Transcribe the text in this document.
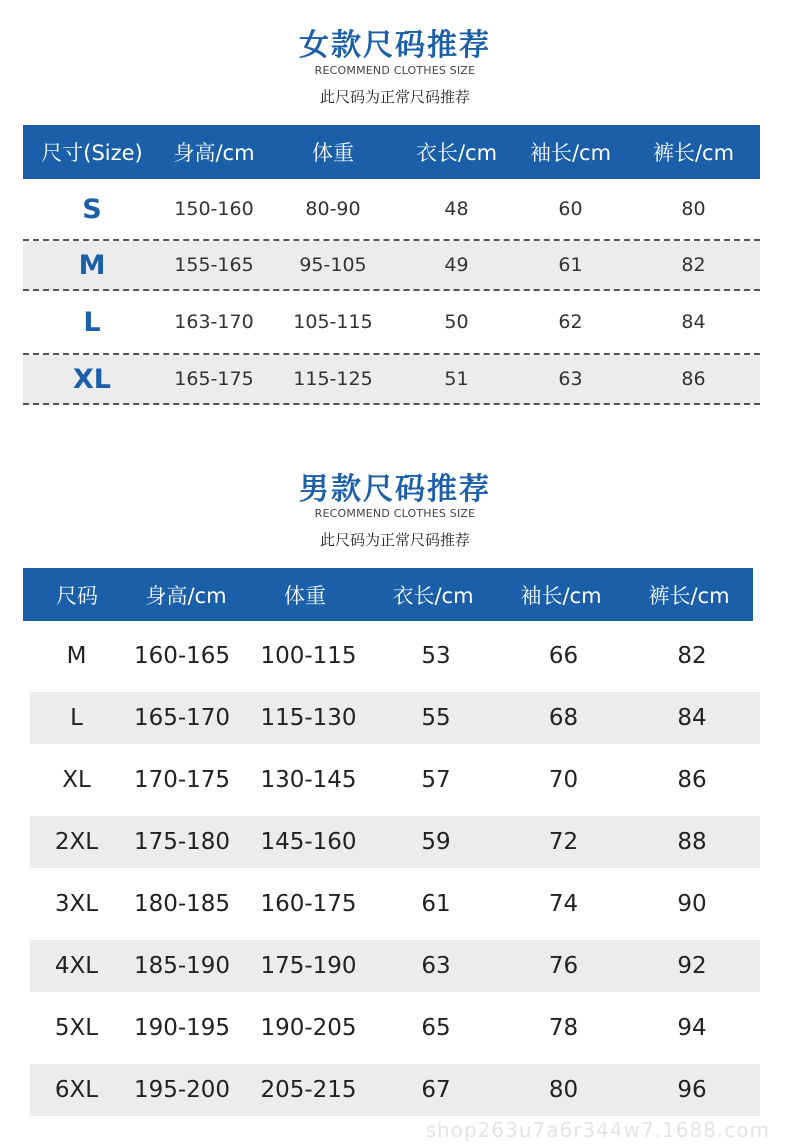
女款尺码推荐
RECOMMEND CLOTHES SIZE
此尺码为正常尺码推荐
尺寸(Size)	身高/cm	体重	衣长/cm	袖长/cm	裤长/cm
S	150-160	80-90	48	60	80
M	155-165	95-105	49	61	82
L	163-170	105-115	50	62	84
XL	165-175	115-125	51	63	86
男款尺码推荐
RECOMMEND CLOTHES SIZE
此尺码为正常尺码推荐
尺码	身高/cm	体重	衣长/cm	袖长/cm	裤长/cm
M	160-165	100-115	53	66	82
L	165-170	115-130	55	68	84
XL	170-175	130-145	57	70	86
2XL	175-180	145-160	59	72	88
3XL	180-185	160-175	61	74	90
4XL	185-190	175-190	63	76	92
5XL	190-195	190-205	65	78	94
6XL	195-200	205-215	67	80	96
shop263u7a6r344w7.1688.com
